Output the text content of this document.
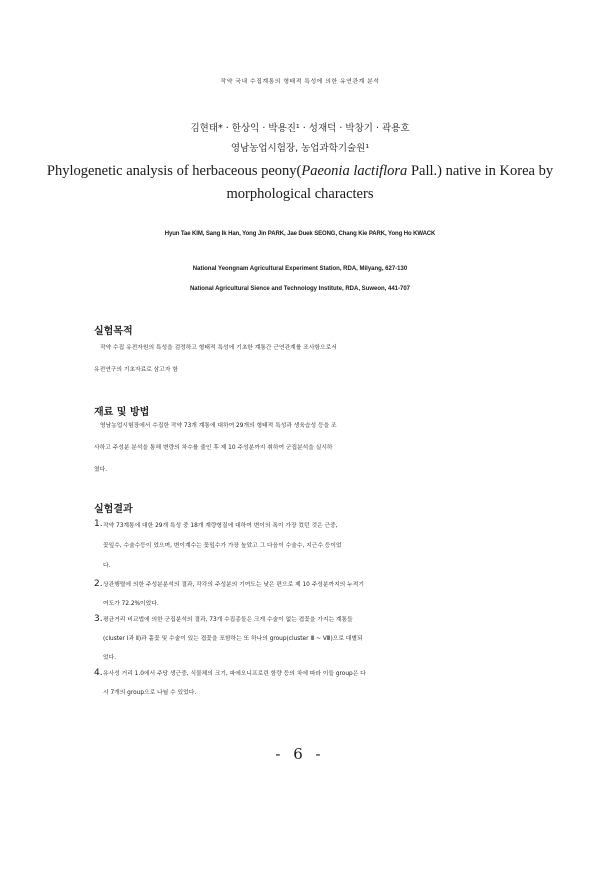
작약 국내 수집계통의 형태적 특성에 의한 유연관계 분석
김현태* · 한상익 · 박용진¹ · 성재덕 · 박창기 · 곽용호
영남농업시험장, 농업과학기술원¹
Phylogenetic analysis of herbaceous peony(Paeonia lactiflora Pall.) native in Korea by
morphological characters
Hyun Tae KIM, Sang Ik Han, Yong Jin PARK, Jae Duek SEONG, Chang Kie PARK, Yong Ho KWACK
National Yeongnam Agricultural Experiment Station, RDA, Milyang, 627-130
National Agricultural Sience and Technology Institute, RDA, Suweon, 441-707
실험목적
작약 수집 유전자원의 특성을 검정하고 형태적 특성에 기초한 계통간 근연관계를 조사함으로서
유전연구의 기초자료로 삼고자 함
재료 및 방법
영남농업시험장에서 수집한 작약 73개 계통에 대하여 29개의 형태적 특성과 생육습성 등을 조
사하고 주성분 분석을 통해 변량의 차수를 줄인 후 제 10 주성분까지 취하여 군집분석을 실시하
였다.
실험결과
1. 작약 73계통에 대한 29개 특성 중 18개 계량형질에 대하여 변이의 폭이 가장 컸던 것은 근중,
꽃잎수, 수술수등이 었으며, 변이계수는 꽃잎수가 가장 높았고 그 다음이 수술수, 지근수 등이었
다.
2. 상관행렬에 의한 주성분분석의 결과, 각각의 주성분의 기여도는 낮은 편으로 제 10 주성분까지의 누적기
여도가 72.2%이었다.
3. 평균거리 비교법에 의한 군집분석의 결과, 73개 수집종들은 크게 수술이 없는 겹꽃을 가지는 계통들
(cluster Ⅰ과 Ⅱ)과 홑꽃 및 수술이 있는 겹꽃을 포함하는 또 하나의 group(cluster Ⅲ ~ Ⅷ)으로 대별되
었다.
4. 유사성 거리 1.0에서 주당 생근중, 식물체의 크기, 파에오니프로린 함량 등의 차에 따라 이들 group은 다
시 7개의 group으로 나뉠 수 있었다.
- 6 -
